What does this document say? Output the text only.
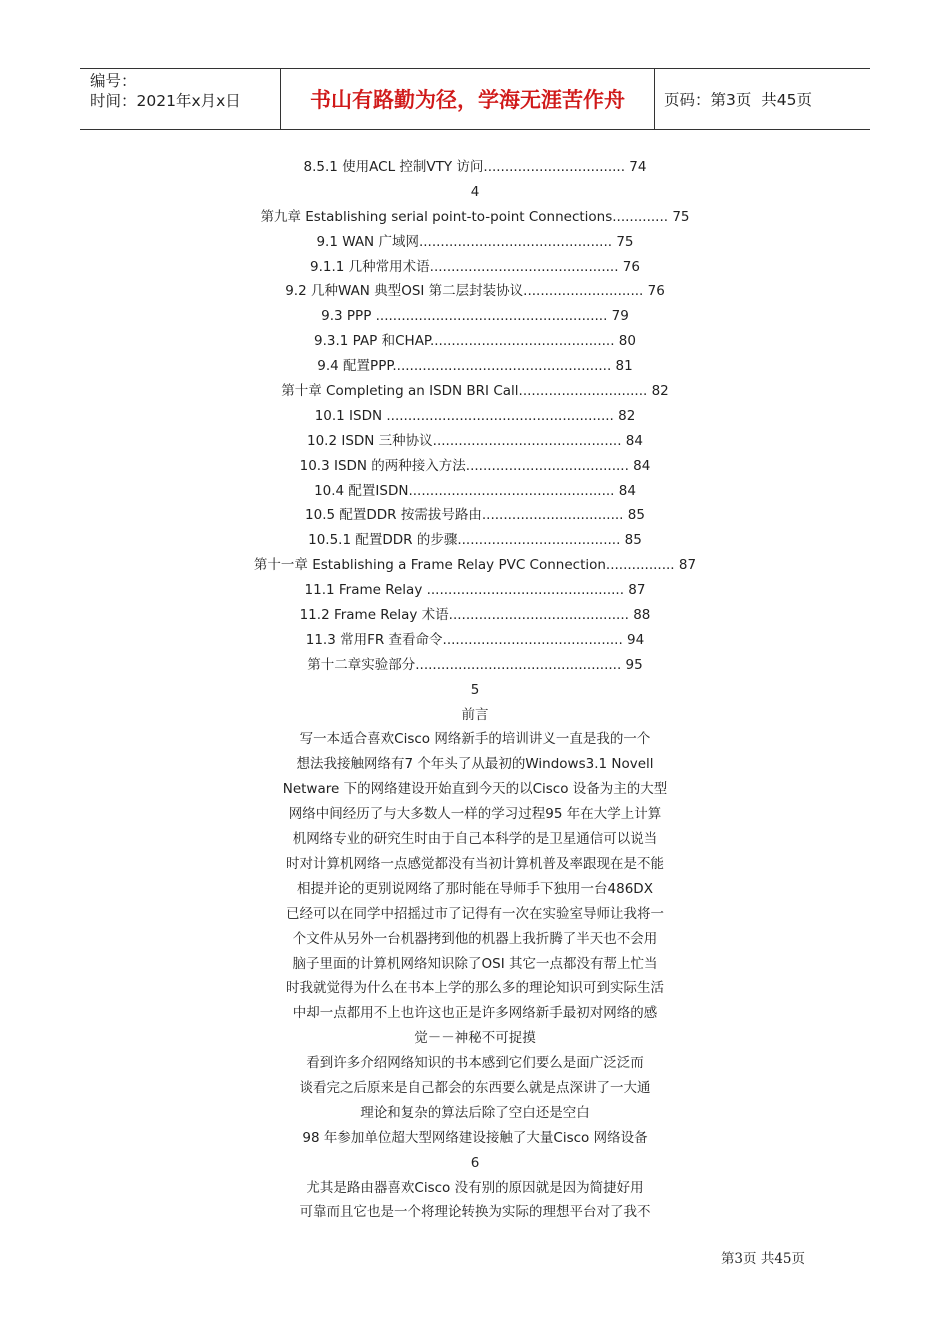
编号：
时间：2021年x月x日	书山有路勤为径，学海无涯苦作舟	页码：第3页  共45页
8.5.1 使用ACL 控制VTY 访问................................. 74
4
第九章 Establishing serial point-to-point Connections............. 75
9.1 WAN 广域网............................................. 75
9.1.1 几种常用术语............................................ 76
9.2 几种WAN 典型OSI 第二层封装协议............................ 76
9.3 PPP ...................................................... 79
9.3.1 PAP 和CHAP........................................... 80
9.4 配置PPP................................................... 81
第十章 Completing an ISDN BRI Call.............................. 82
10.1 ISDN ..................................................... 82
10.2 ISDN 三种协议............................................ 84
10.3 ISDN 的两种接入方法...................................... 84
10.4 配置ISDN................................................ 84
10.5 配置DDR 按需拔号路由................................. 85
10.5.1 配置DDR 的步骤...................................... 85
第十一章 Establishing a Frame Relay PVC Connection................ 87
11.1 Frame Relay .............................................. 87
11.2 Frame Relay 术语.......................................... 88
11.3 常用FR 查看命令.......................................... 94
第十二章实验部分................................................ 95
5
前言
写一本适合喜欢Cisco 网络新手的培训讲义一直是我的一个
想法我接触网络有7 个年头了从最初的Windows3.1 Novell
Netware 下的网络建设开始直到今天的以Cisco 设备为主的大型
网络中间经历了与大多数人一样的学习过程95 年在大学上计算
机网络专业的研究生时由于自己本科学的是卫星通信可以说当
时对计算机网络一点感觉都没有当初计算机普及率跟现在是不能
相提并论的更别说网络了那时能在导师手下独用一台486DX
已经可以在同学中招摇过市了记得有一次在实验室导师让我将一
个文件从另外一台机器拷到他的机器上我折腾了半天也不会用
脑子里面的计算机网络知识除了OSI 其它一点都没有帮上忙当
时我就觉得为什么在书本上学的那么多的理论知识可到实际生活
中却一点都用不上也许这也正是许多网络新手最初对网络的感
觉－－神秘不可捉摸
看到许多介绍网络知识的书本感到它们要么是面广泛泛而
谈看完之后原来是自己都会的东西要么就是点深讲了一大通
理论和复杂的算法后除了空白还是空白
98 年参加单位超大型网络建设接触了大量Cisco 网络设备
6
尤其是路由器喜欢Cisco 没有别的原因就是因为简捷好用
可靠而且它也是一个将理论转换为实际的理想平台对了我不
第3页 共45页
